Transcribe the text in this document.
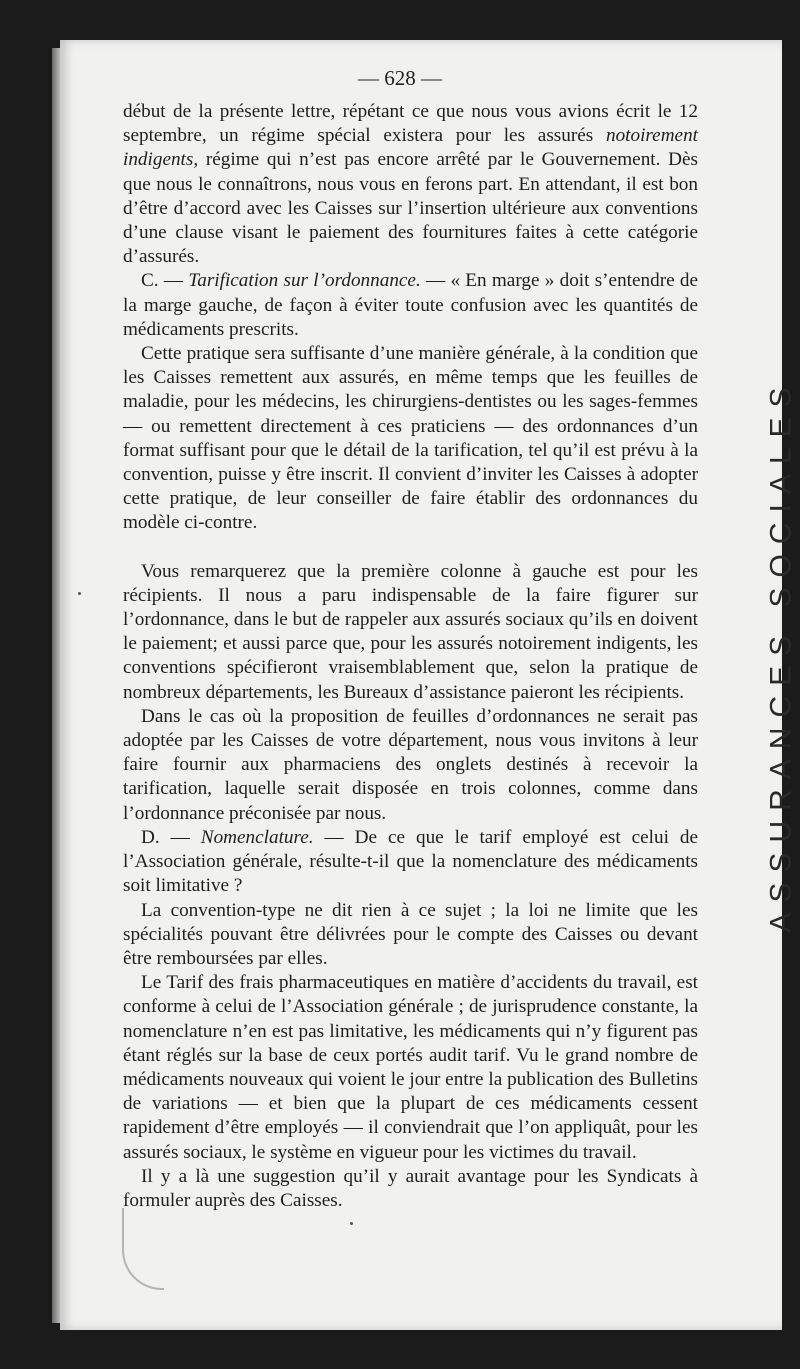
— 628 —

début de la présente lettre, répétant ce que nous vous avions écrit le 12 septembre, un régime spécial existera pour les assurés notoirement indigents, régime qui n’est pas encore arrêté par le Gouvernement. Dès que nous le connaîtrons, nous vous en ferons part. En attendant, il est bon d’être d’accord avec les Caisses sur l’insertion ultérieure aux conventions d’une clause visant le paiement des fournitures faites à cette catégorie d’assurés.

C. — Tarification sur l’ordonnance. — « En marge » doit s’entendre de la marge gauche, de façon à éviter toute confusion avec les quantités de médicaments prescrits.

Cette pratique sera suffisante d’une manière générale, à la condition que les Caisses remettent aux assurés, en même temps que les feuilles de maladie, pour les médecins, les chirurgiens-dentistes ou les sages-femmes — ou remettent directement à ces praticiens — des ordonnances d’un format suffisant pour que le détail de la tarification, tel qu’il est prévu à la convention, puisse y être inscrit. Il convient d’inviter les Caisses à adopter cette pratique, de leur conseiller de faire établir des ordonnances du modèle ci-contre.

Vous remarquerez que la première colonne à gauche est pour les récipients. Il nous a paru indispensable de la faire figurer sur l’ordonnance, dans le but de rappeler aux assurés sociaux qu’ils en doivent le paiement; et aussi parce que, pour les assurés notoirement indigents, les conventions spécifieront vraisemblablement que, selon la pratique de nombreux départements, les Bureaux d’assistance paieront les récipients.

Dans le cas où la proposition de feuilles d’ordonnances ne serait pas adoptée par les Caisses de votre département, nous vous invitons à leur faire fournir aux pharmaciens des onglets destinés à recevoir la tarification, laquelle serait disposée en trois colonnes, comme dans l’ordonnance préconisée par nous.

D. — Nomenclature. — De ce que le tarif employé est celui de l’Association générale, résulte-t-il que la nomenclature des médicaments soit limitative ?

La convention-type ne dit rien à ce sujet ; la loi ne limite que les spécialités pouvant être délivrées pour le compte des Caisses ou devant être remboursées par elles.

Le Tarif des frais pharmaceutiques en matière d’accidents du travail, est conforme à celui de l’Association générale ; de jurisprudence constante, la nomenclature n’en est pas limitative, les médicaments qui n’y figurent pas étant réglés sur la base de ceux portés audit tarif. Vu le grand nombre de médicaments nouveaux qui voient le jour entre la publication des Bulletins de variations — et bien que la plupart de ces médicaments cessent rapidement d’être employés — il conviendrait que l’on appliquât, pour les assurés sociaux, le système en vigueur pour les victimes du travail.

Il y a là une suggestion qu’il y aurait avantage pour les Syndicats à formuler auprès des Caisses.

ASSURANCES SOCIALES
